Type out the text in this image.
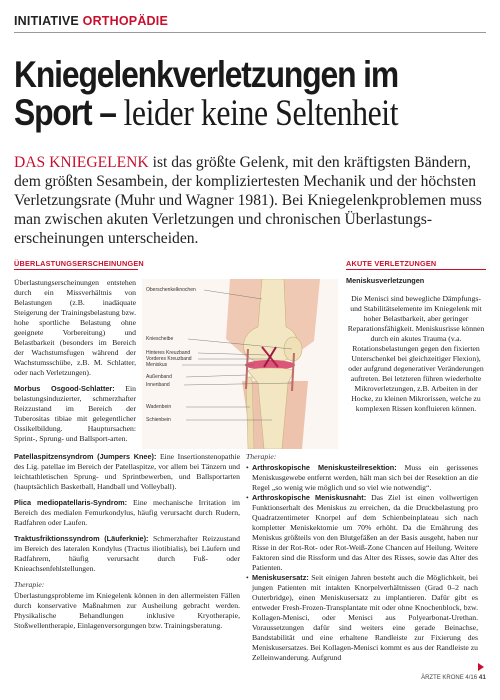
INITIATIVE ORTHOPÄDIE
Kniegelenkverletzungen im
Sport – leider keine Seltenheit

DAS KNIEGELENK ist das größte Gelenk, mit den kräftigsten Bändern, dem größten Sesambein, der kompliziertesten Mechanik und der höchsten Verletzungsrate (Muhr und Wagner 1981). Bei Kniegelenkproblemen muss man zwischen akuten Verletzungen und chronischen Überlastungs-erscheinungen unterscheiden.

ÜBERLASTUNGSERSCHEINUNGEN

Überlastungserscheinungen entstehen durch ein Missverhältnis von Belastungen (z.B. inadäquate Steigerung der Trainingsbelastung bzw. hohe sportliche Belastung ohne geeignete Vorbereitung) und Belastbarkeit (besonders im Bereich der Wachstumsfugen während der Wachstumsschübe, z.B. M. Schlatter, oder nach Verletzungen).

Morbus Osgood-Schlatter: Ein belastungsinduzierter, schmerzhafter Reizzustand im Bereich der Tuberositas tibiae mit gelegentlicher Ossikelbildung. Hauptursachen: Sprint-, Sprung- und Ballsport-arten.

Oberschenkelknochen
Kniescheibe
Hinteres Kreuzband
Vorderes Kreuzband
Meniskus
Außenband
Innenband
Wadenbein
Schienbein
AKUTE VERLETZUNGEN

Meniskusverletzungen

Die Menisci sind bewegliche Dämpfungs- und Stabilitätselemente im Kniegelenk mit hoher Belastbarkeit, aber geringer Reparationsfähigkeit. Meniskusrisse können durch ein akutes Trauma (v.a. Rotationsbelastungen gegen den fixierten Unterschenkel bei gleichzeitiger Flexion), oder aufgrund degenerativer Veränderungen auftreten. Bei letzteren führen wiederholte Mikroverletzungen, z.B. Arbeiten in der Hocke, zu kleinen Mikrorissen, welche zu komplexen Rissen konfluieren können.

Patellaspitzensyndrom (Jumpers Knee): Eine Insertionstenopathie des Lig. patellae im Bereich der Patellaspitze, vor allem bei Tänzern und leichtathletischen Sprung- und Sprintbewerben, und Ballsportarten (hauptsächlich Basketball, Handball und Volleyball).

Plica mediopatellaris-Syndrom: Eine mechanische Irritation im Bereich des medialen Femurkondylus, häufig verursacht durch Rudern, Radfahren oder Laufen.

Traktusfriktionssyndrom (Läuferknie): Schmerzhafter Reizzustand im Bereich des lateralen Kondylus (Tractus iliotibialis), bei Läufern und Radfahrern, häufig verursacht durch Fuß- oder Knieachsenfehlstellungen.

Therapie:

Überlastungsprobleme im Kniegelenk können in den allermeisten Fällen durch konservative Maßnahmen zur Ausheilung gebracht werden. Physikalische Behandlungen inklusive Kryotherapie, Stoßwellentherapie, Einlagenversorgungen bzw. Trainingsberatung.

Therapie:

• Arthroskopische Meniskusteilresektion: Muss ein gerissenes Meniskusgewebe entfernt werden, hält man sich bei der Resektion an die Regel „so wenig wie möglich und so viel wie notwendig“.
• Arthroskopische Meniskusnaht: Das Ziel ist einen vollwertigen Funktionserhalt des Meniskus zu erreichen, da die Druckbelastung pro Quadratzentimeter Knorpel auf dem Schienbeinplateau sich nach kompletter Meniskektomie um 70% erhöht. Da die Ernährung des Meniskus größteils von den Blutgefäßen an der Basis ausgeht, haben nur Risse in der Rot-Rot- oder Rot-Weiß-Zone Chancen auf Heilung. Weitere Faktoren sind die Rissform und das Alter des Risses, sowie das Alter des Patienten.
• Meniskusersatz: Seit einigen Jahren besteht auch die Möglichkeit, bei jungen Patienten mit intakten Knorpelverhältnissen (Grad 0–2 nach Outerbridge), einen Meniskusersatz zu implantieren. Dafür gibt es entweder Fresh-Frozen-Transplantate mit oder ohne Knochenblock, bzw. Kollagen-Menisci, oder Menisci aus Polyearbonat-Urethan. Voraussetzungen dafür sind weiters eine gerade Beinachse, Bandstabilität und eine erhaltene Randleiste zur Fixierung des Meniskusersatzes. Bei Kollagen-Menisci kommt es aus der Randleiste zu Zelleinwanderung. Aufgrund
ÄRZTE KRONE 4/16 41
